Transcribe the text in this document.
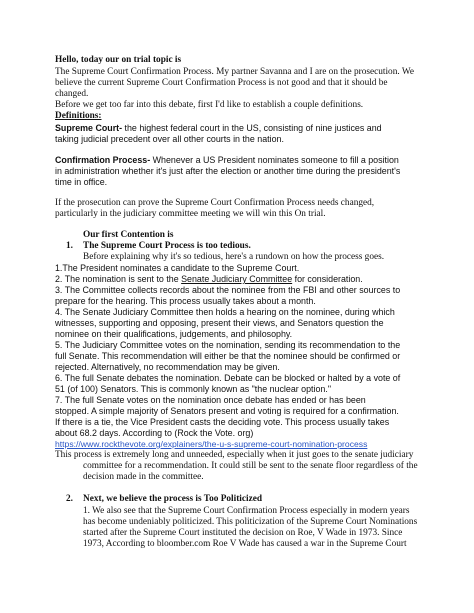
Hello, today our on trial topic is
The Supreme Court Confirmation Process. My partner Savanna and I are on the prosecution. We
believe the current Supreme Court Confirmation Process is not good and that it should be
changed.
Before we get too far into this debate, first I'd like to establish a couple definitions.
Definitions:
Supreme Court- the highest federal court in the US, consisting of nine justices and
taking judicial precedent over all other courts in the nation.
Confirmation Process- Whenever a US President nominates someone to fill a position
in administration whether it's just after the election or another time during the president's
time in office.
If the prosecution can prove the Supreme Court Confirmation Process needs changed,
particularly in the judiciary committee meeting we will win this On trial.
Our first Contention is
1. The Supreme Court Process is too tedious.
Before explaining why it's so tedious, here's a rundown on how the process goes.
1.The President nominates a candidate to the Supreme Court.
2. The nomination is sent to the Senate Judiciary Committee for consideration.
3. The Committee collects records about the nominee from the FBI and other sources to
prepare for the hearing. This process usually takes about a month.
4. The Senate Judiciary Committee then holds a hearing on the nominee, during which
witnesses, supporting and opposing, present their views, and Senators question the
nominee on their qualifications, judgements, and philosophy.
5. The Judiciary Committee votes on the nomination, sending its recommendation to the
full Senate. This recommendation will either be that the nominee should be confirmed or
rejected. Alternatively, no recommendation may be given.
6. The full Senate debates the nomination. Debate can be blocked or halted by a vote of
51 (of 100) Senators. This is commonly known as "the nuclear option."
7. The full Senate votes on the nomination once debate has ended or has been
stopped. A simple majority of Senators present and voting is required for a confirmation.
If there is a tie, the Vice President casts the deciding vote. This process usually takes
about 68.2 days. According to (Rock the Vote. org)
https://www.rockthevote.org/explainers/the-u-s-supreme-court-nomination-process
This process is extremely long and unneeded, especially when it just goes to the senate judiciary
committee for a recommendation. It could still be sent to the senate floor regardless of the
decision made in the committee.
2. Next, we believe the process is Too Politicized
1. We also see that the Supreme Court Confirmation Process especially in modern years
has become undeniably politicized. This politicization of the Supreme Court Nominations
started after the Supreme Court instituted the decision on Roe, V Wade in 1973. Since
1973, According to bloomber.com Roe V Wade has caused a war in the Supreme Court
